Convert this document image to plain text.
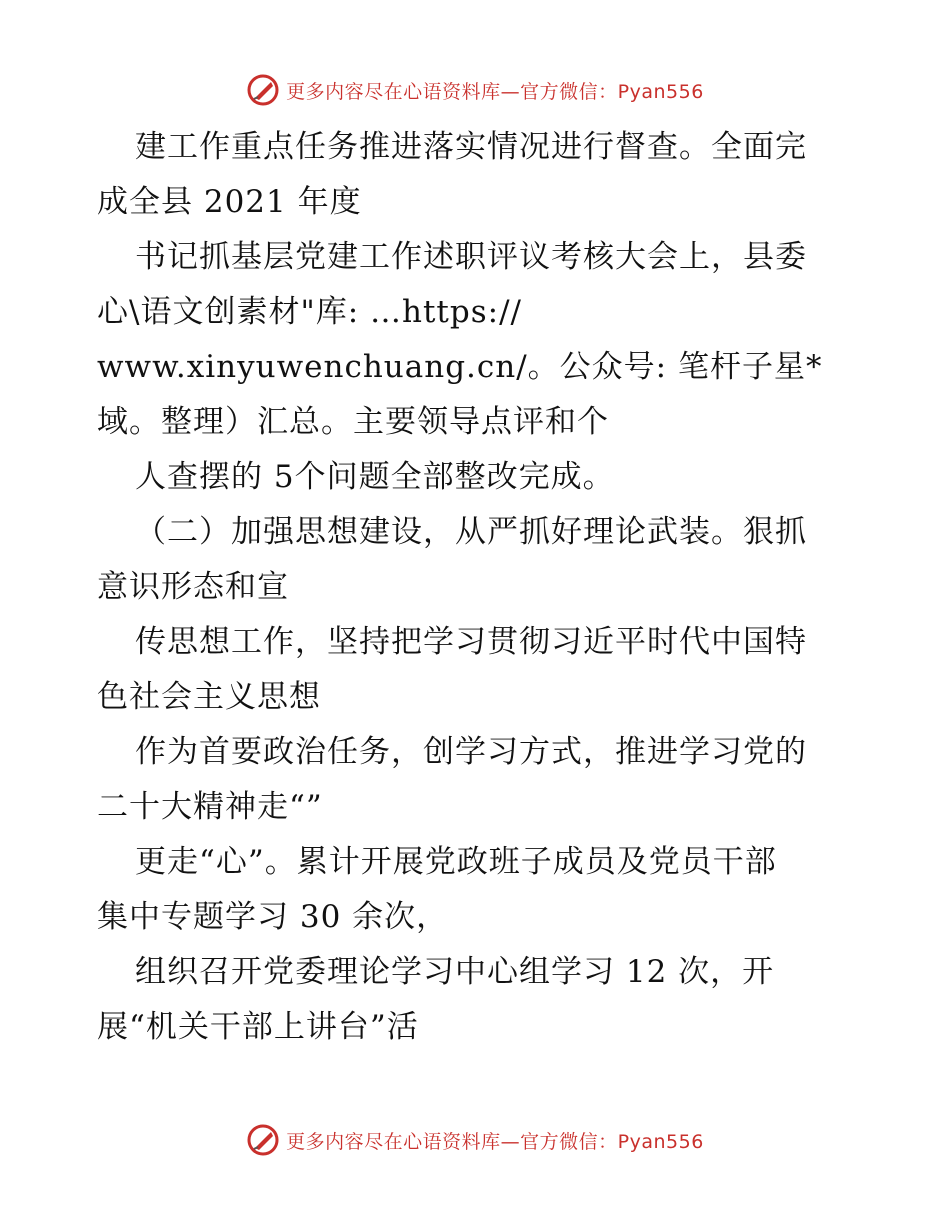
更多内容尽在心语资料库—官方微信：Pyan556
建工作重点任务推进落实情况进行督查。全面完
成全县 2021 年度
书记抓基层党建工作述职评议考核大会上，县委
心\语文创素材"库: …https://
www.xinyuwenchuang.cn/。公众号: 笔杆子星*
域。整理）汇总。主要领导点评和个
人查摆的 5个问题全部整改完成。
（二）加强思想建设，从严抓好理论武装。狠抓
意识形态和宣
传思想工作，坚持把学习贯彻习近平时代中国特
色社会主义思想
作为首要政治任务，创学习方式，推进学习党的
二十大精神走“”
更走“心”。累计开展党政班子成员及党员干部
集中专题学习 30 余次，
组织召开党委理论学习中心组学习 12 次，开
展“机关干部上讲台”活
更多内容尽在心语资料库—官方微信：Pyan556
